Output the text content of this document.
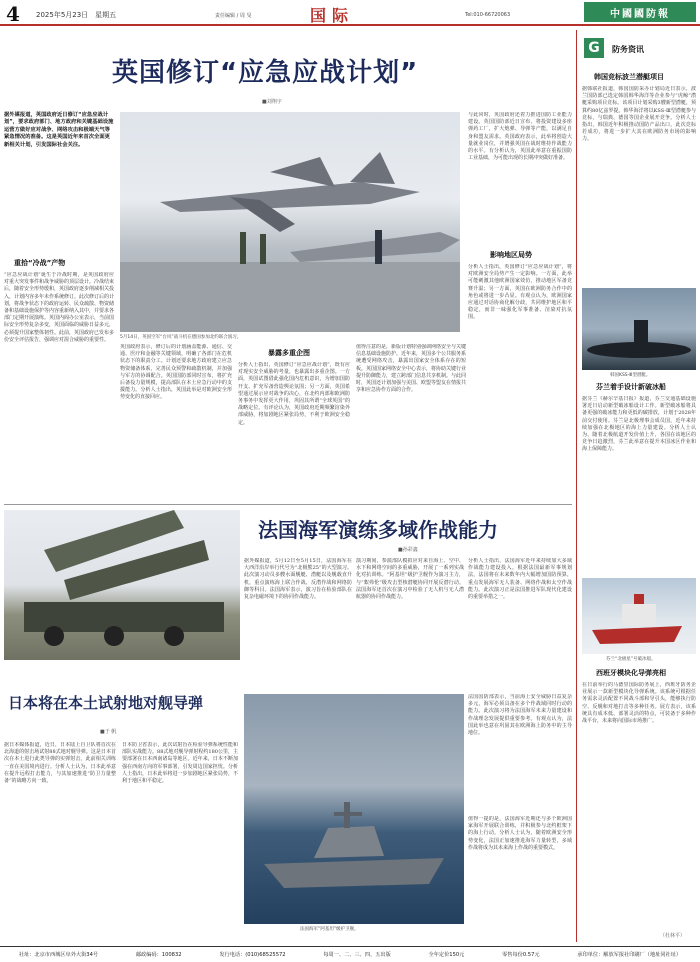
4 2025年5月23日　星期五	责任编辑 / 周 旻	国际	Tel:010-66720063	中國國防報
英国修订“应急应战计划”
■刘翔宇
5月14日，英国空军“台风”战斗机在德国参加北约联合演习。
据外媒报道，英国政府近日修订“应急应战计划”，要求政府部门、地方政府和关键基础设施运营方做好应对战争、网络攻击和极端天气等紧急情况的准备。这是英国近年来首次全面更新相关计划，引发国际社会关注。
重拾“冷战”产物
“应急应战计划”诞生于冷战时期，是英国政府应对重大突发事件和战争威胁的顶层设计。冷战结束后，随着安全形势缓和，英国政府逐步削减相关投入，计划内容多年未作系统修订。此次修订后的计划，将战争状态下的政府运转、民众疏散、物资储备和基础设施保护等内容重新纳入其中，并要求各部门定期开展演练。英国内阁办公室表示，当前国际安全形势复杂多变，英国面临的威胁日益多元，必须提升国家整体韧性。此前，英国政府已发布多份安全评估报告，强调应对混合威胁的重要性。
英国政府表示，修订后的计划涵盖能源、通信、交通、医疗和金融等关键领域，明确了各部门在危机状态下的职责分工。计划还要求地方政府建立应急物资储备体系，完善民众预警和疏散机制，并加强与军方的协调配合。英国国防部同时宣布，将扩充后备役力量规模，提高部队在本土应急行动中的支援能力。分析人士指出，英国此举是对欧洲安全形势变化的直接回应。
暴露多重企图
分析人士指出，英国修订“应急应战计划”，既有应对现实安全威胁的考量，也暴露出多重企图。一方面，英国试图借此强化国内危机意识，为增加国防开支、扩充军备营造舆论氛围；另一方面，英国希望通过展示应对战争的决心，在北约内部和欧洲防务事务中发挥更大作用，巩固其所谓“全球英国”的战略定位。有评论认为，英国政府近期频繁渲染外部威胁，将加剧地区紧张局势，不利于欧洲安全稳定。
值得注意的是，新版计划特别强调网络安全与关键信息基础设施防护。近年来，英国多个公共服务系统遭受网络攻击，暴露出国家安全体系存在的短板。英国国家网络安全中心表示，将协助关键行业提升防御能力，建立跨部门信息共享机制。与此同时，英国还计划加强与美国、欧盟等盟友在情报共享和应急协作方面的合作。
与此同时，英国政府还着力推进国防工业能力建设。英国国防部近日宣布，将投资建设多座弹药工厂，扩大炮弹、导弹等产能，以满足自身和盟友需求。英国政府表示，此举将创造大量就业岗位，并增强英国在战时维持作战能力的水平。有分析认为，英国此举意在重振国防工业基础，为可能出现的长期冲突做好准备。
影响地区局势
分析人士指出，英国修订“应急应战计划”，将对欧洲安全局势产生一定影响。一方面，此举可能刺激其他欧洲国家效仿，推动地区军备竞赛升温；另一方面，英国在欧洲防务合作中的角色或将进一步凸显。有观点认为，欧洲国家应通过对话协商化解分歧，共同维护地区和平稳定，而非一味强化军事准备、渲染对抗氛围。
日本将在本土试射地对舰导弹
■于 帆
据日本媒体报道，近日，日本陆上自卫队将首次在北海道的射击场试射88式地对舰导弹。这是日本首次在本土进行此类导弹的实弹射击，此前相关训练一直在美国境内进行。分析人士认为，日本此举意在提升远程打击能力，与其加速推进“防卫力量整备”的战略方向一致。
日本防卫省表示，此次试射旨在检验导弹系统性能和部队实战能力。88式地对舰导弹射程约180公里，主要部署在日本西南诸岛等地区。近年来，日本不断加强在西南方向的军事部署，引发周边国家担忧。分析人士指出，日本此举将进一步加剧地区紧张局势，不利于地区和平稳定。
法国海军演练多域作战能力
■孙彩鑫
据外媒报道，5月12日至5月15日，法国海军在大西洋沿岸举行代号为“北极熊25”的大型演习。此次演习动员多艘水面舰艇、潜艇以及舰载直升机，重点演练海上联合作战、反潜作战和网络防御等科目。法国海军表示，演习旨在检验部队在复杂电磁环境下的协同作战能力。
演习期间，参演部队模拟应对来自海上、空中、水下和网络空间的多重威胁，开展了一系列实战化对抗训练。“阿基坦”级护卫舰作为演习主力，与“絮弗伦”级攻击型核潜艇协同开展反潜行动。法国海军还首次在演习中检验了无人机与无人潜航器的协同作战能力。
分析人士指出，法国海军近年来持续加大多域作战能力建设投入。根据法国最新军事规划法，法国将在未来数年内大幅增加国防预算，重点发展海军无人装备、网络作战和太空作战能力。此次演习正是法国推进军队现代化建设的重要举措之一。
法国海军“阿基坦”级护卫舰。
法国国防部表示，当前海上安全威胁日益复杂多元，海军必须具备在多个作战域同时行动的能力。此次演习将为法国海军未来力量建设和作战理念发展提供重要参考。有观点认为，法国此举也意在巩固其在欧洲海上防务中的主导地位。
值得一提的是，法国海军近期还与多个欧洲国家海军开展联合训练，并积极参与北约框架下的海上行动。分析人士认为，随着欧洲安全形势变化，法国正加速推进海军力量转型，多域作战将成为其未来海上作战的重要模式。
G	防务资讯
韩国竞标波兰潜艇项目
据韩联社报道，韩国国防采办计划局近日表示，波兰国防部已选定韩国韩华海洋等企业参与“虎鲸”潜艇采购项目竞标。该项目计划采购3艘新型潜艇，预算约80亿兹罗提。韩华海洋将以KSS-Ⅲ型潜艇参与竞标，与瑞典、德国等国企业展开竞争。分析人士指出，韩国近年积极推动国防产品出口，此次竞标若成功，将进一步扩大其在欧洲防务市场的影响力。
韩国KSS-Ⅲ型潜艇。
芬兰着手设计新破冰船
据芬兰《赫尔辛基日报》报道，芬兰交通基础设施署近日启动新型破冰船设计工作。新型破冰船将具备更强的破冰能力和更低的碳排放，计划于2028年前交付使用。芬兰是北极理事会成员国，近年来持续加强在北极地区的海上力量建设。分析人士认为，随着北极航道开发价值上升，各国在该地区的竞争日趋激烈，芬兰此举意在提升本国冰区作业和海上保障能力。
芬兰“北极星”号破冰船。
西班牙模块化导弹亮相
在日前举行的马德里国际防务展上，西班牙防务企业展示一款新型模块化导弹系统。该系统可根据任务需求灵活配置不同战斗部和导引头，能够执行防空、反舰和对地打击等多种任务。展方表示，该系统具有成本低、部署灵活的特点，可装备于多种作战平台，未来将向国际市场推广。
（杜林平）
社址：北京市西城区阜外大街34号	邮政编码：100832	发行电话：(010)68525572	每周一、二、三、四、五出版	全年定价150元	零售每份0.57元	承印单位：解放军报社印刷厂（地址同社址）
